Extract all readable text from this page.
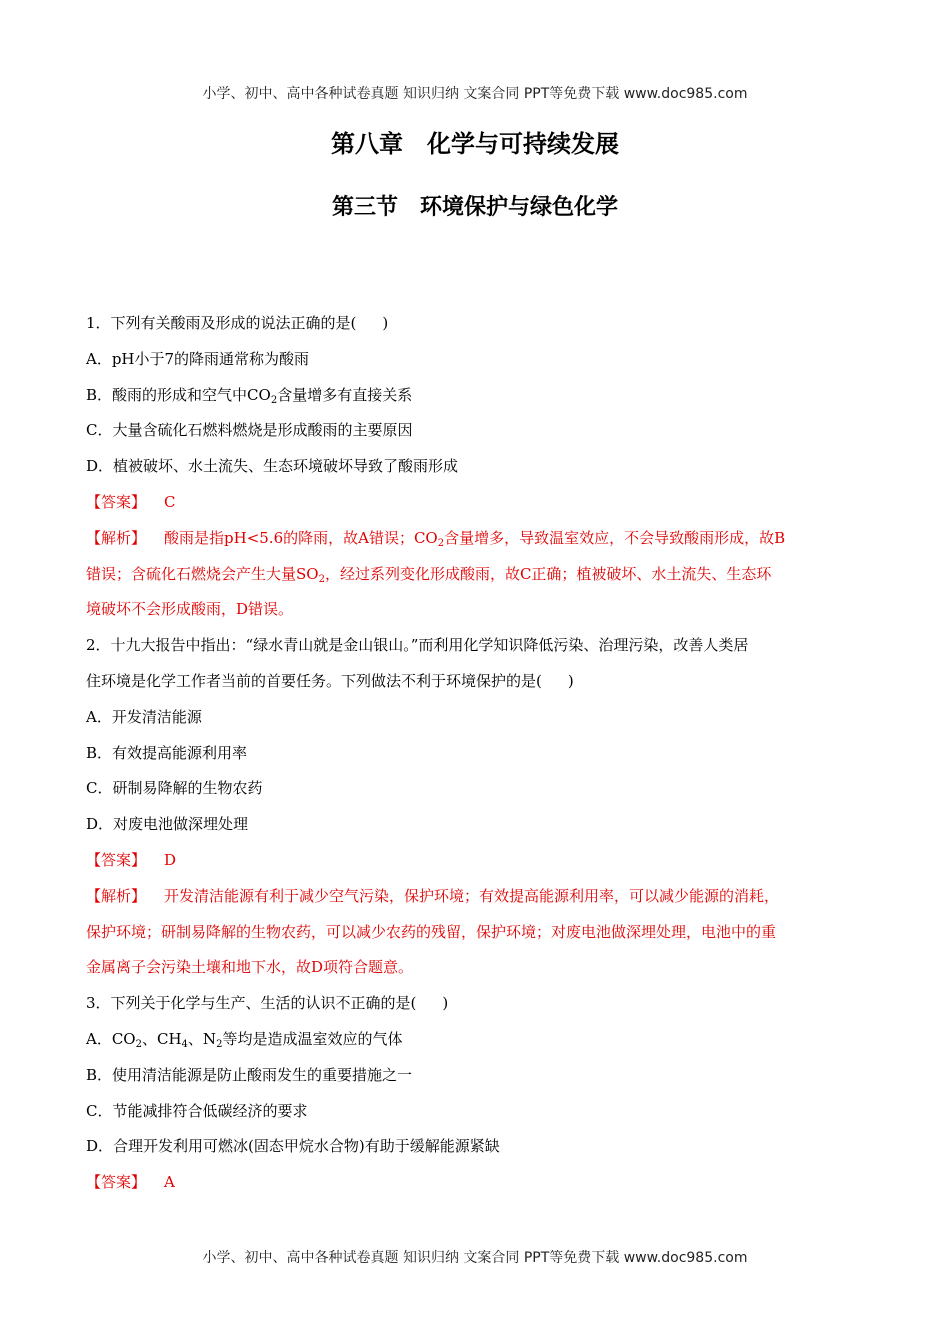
小学、初中、高中各种试卷真题 知识归纳 文案合同 PPT等免费下载 www.doc985.com
第八章　化学与可持续发展
第三节　环境保护与绿色化学
1．下列有关酸雨及形成的说法正确的是( )
A．pH小于7的降雨通常称为酸雨
B．酸雨的形成和空气中$CO_2$含量增多有直接关系
C．大量含硫化石燃料燃烧是形成酸雨的主要原因
D．植被破坏、水土流失、生态环境破坏导致了酸雨形成
【答案】 C
【解析】 酸雨是指pH<5.6的降雨，故A错误；$CO_2$含量增多，导致温室效应，不会导致酸雨形成，故B
错误；含硫化石燃烧会产生大量$SO_2$，经过系列变化形成酸雨，故C正确；植被破坏、水土流失、生态环
境破坏不会形成酸雨，D错误。
2．十九大报告中指出：“绿水青山就是金山银山。”而利用化学知识降低污染、治理污染，改善人类居
住环境是化学工作者当前的首要任务。下列做法不利于环境保护的是( )
A．开发清洁能源
B．有效提高能源利用率
C．研制易降解的生物农药
D．对废电池做深埋处理
【答案】 D
【解析】 开发清洁能源有利于减少空气污染，保护环境；有效提高能源利用率，可以减少能源的消耗，
保护环境；研制易降解的生物农药，可以减少农药的残留，保护环境；对废电池做深埋处理，电池中的重
金属离子会污染土壤和地下水，故D项符合题意。
3．下列关于化学与生产、生活的认识不正确的是( )
A．$CO_2$、$CH_4$、$N_2$等均是造成温室效应的气体
B．使用清洁能源是防止酸雨发生的重要措施之一
C．节能减排符合低碳经济的要求
D．合理开发利用可燃冰(固态甲烷水合物)有助于缓解能源紧缺
【答案】 A
小学、初中、高中各种试卷真题 知识归纳 文案合同 PPT等免费下载 www.doc985.com
